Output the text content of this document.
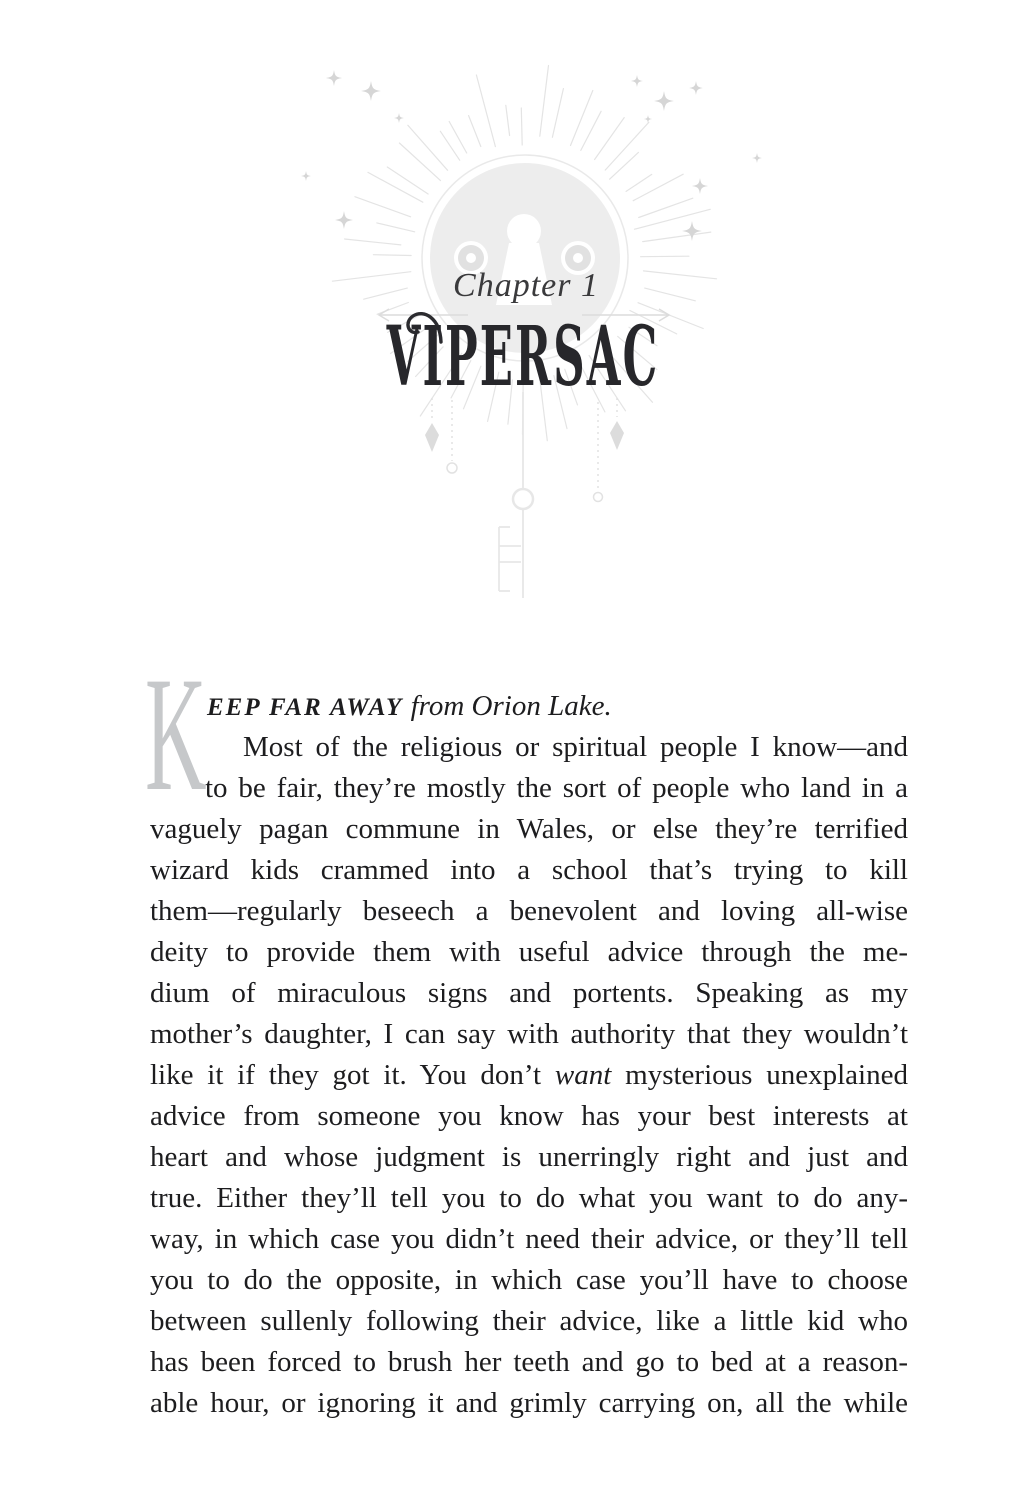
Chapter 1
VIPERSAC
K EEP FAR AWAY from Orion Lake.
Most of the religious or spiritual people I know—and
to be fair, they’re mostly the sort of people who land in a
vaguely pagan commune in Wales, or else they’re terrified
wizard kids crammed into a school that’s trying to kill
them—regularly beseech a benevolent and loving all-wise
deity to provide them with useful advice through the me-
dium of miraculous signs and portents. Speaking as my
mother’s daughter, I can say with authority that they wouldn’t
like it if they got it. You don’t want mysterious unexplained
advice from someone you know has your best interests at
heart and whose judgment is unerringly right and just and
true. Either they’ll tell you to do what you want to do any-
way, in which case you didn’t need their advice, or they’ll tell
you to do the opposite, in which case you’ll have to choose
between sullenly following their advice, like a little kid who
has been forced to brush her teeth and go to bed at a reason-
able hour, or ignoring it and grimly carrying on, all the while
